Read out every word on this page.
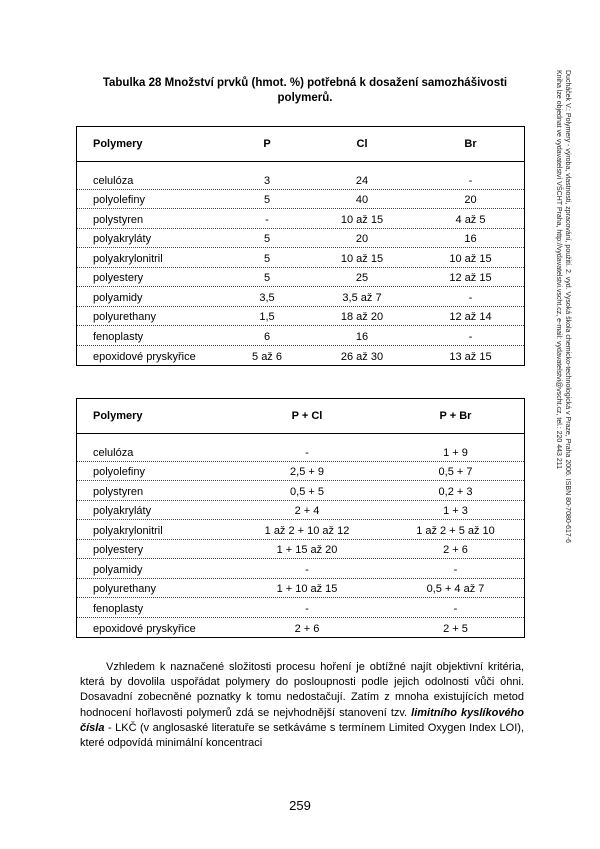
Tabulka 28 Množství prvků (hmot. %) potřebná k dosažení samozhášivosti
polymerů.
Polymery	P	Cl	Br
celulóza	3	24	-
polyolefiny	5	40	20
polystyren	-	10 až 15	4 až 5
polyakryláty	5	20	16
polyakrylonitril	5	10 až 15	10 až 15
polyestery	5	25	12 až 15
polyamidy	3,5	3,5 až 7	-
polyurethany	1,5	18 až 20	12 až 14
fenoplasty	6	16	-
epoxidové pryskyřice	5 až 6	26 až 30	13 až 15
Polymery	P + Cl	P + Br
celulóza	-	1 + 9
polyolefiny	2,5 + 9	0,5 + 7
polystyren	0,5 + 5	0,2 + 3
polyakryláty	2 + 4	1 + 3
polyakrylonitril	1 až 2 + 10 až 12	1 až 2 + 5 až 10
polyestery	1 + 15 až 20	2 + 6
polyamidy	-	-
polyurethany	1 + 10 až 15	0,5 + 4 až 7
fenoplasty	-	-
epoxidové pryskyřice	2 + 6	2 + 5

Vzhledem k naznačené složitosti procesu hoření je obtížné najít objektivní kritéria, která by dovolila uspořádat polymery do posloupnosti podle jejich odolnosti vůči ohni. Dosavadní zobecněné poznatky k tomu nedostačují. Zatím z mnoha existujících metod hodnocení hořlavosti polymerů zdá se nejvhodnější stanovení tzv. limitního kyslíkového čísla - LKČ (v anglosaské literatuře se setkáváme s termínem Limited Oxygen Index LOI), které odpovídá minimální koncentraci

259
Ducháček V.: Polymery - výroba, vlastnosti, zpracování, použití. 2. vyd. Vysoká škola chemicko-technologická v Praze, Praha 2006. ISBN 80-7080-617-6
Kniha lze objednat ve vydavatelství VŠCHT Praha, http://vydavatelstvi.vscht.cz, e-mail: vydavatelstvi@vscht.cz, tel.: 220 443 211
